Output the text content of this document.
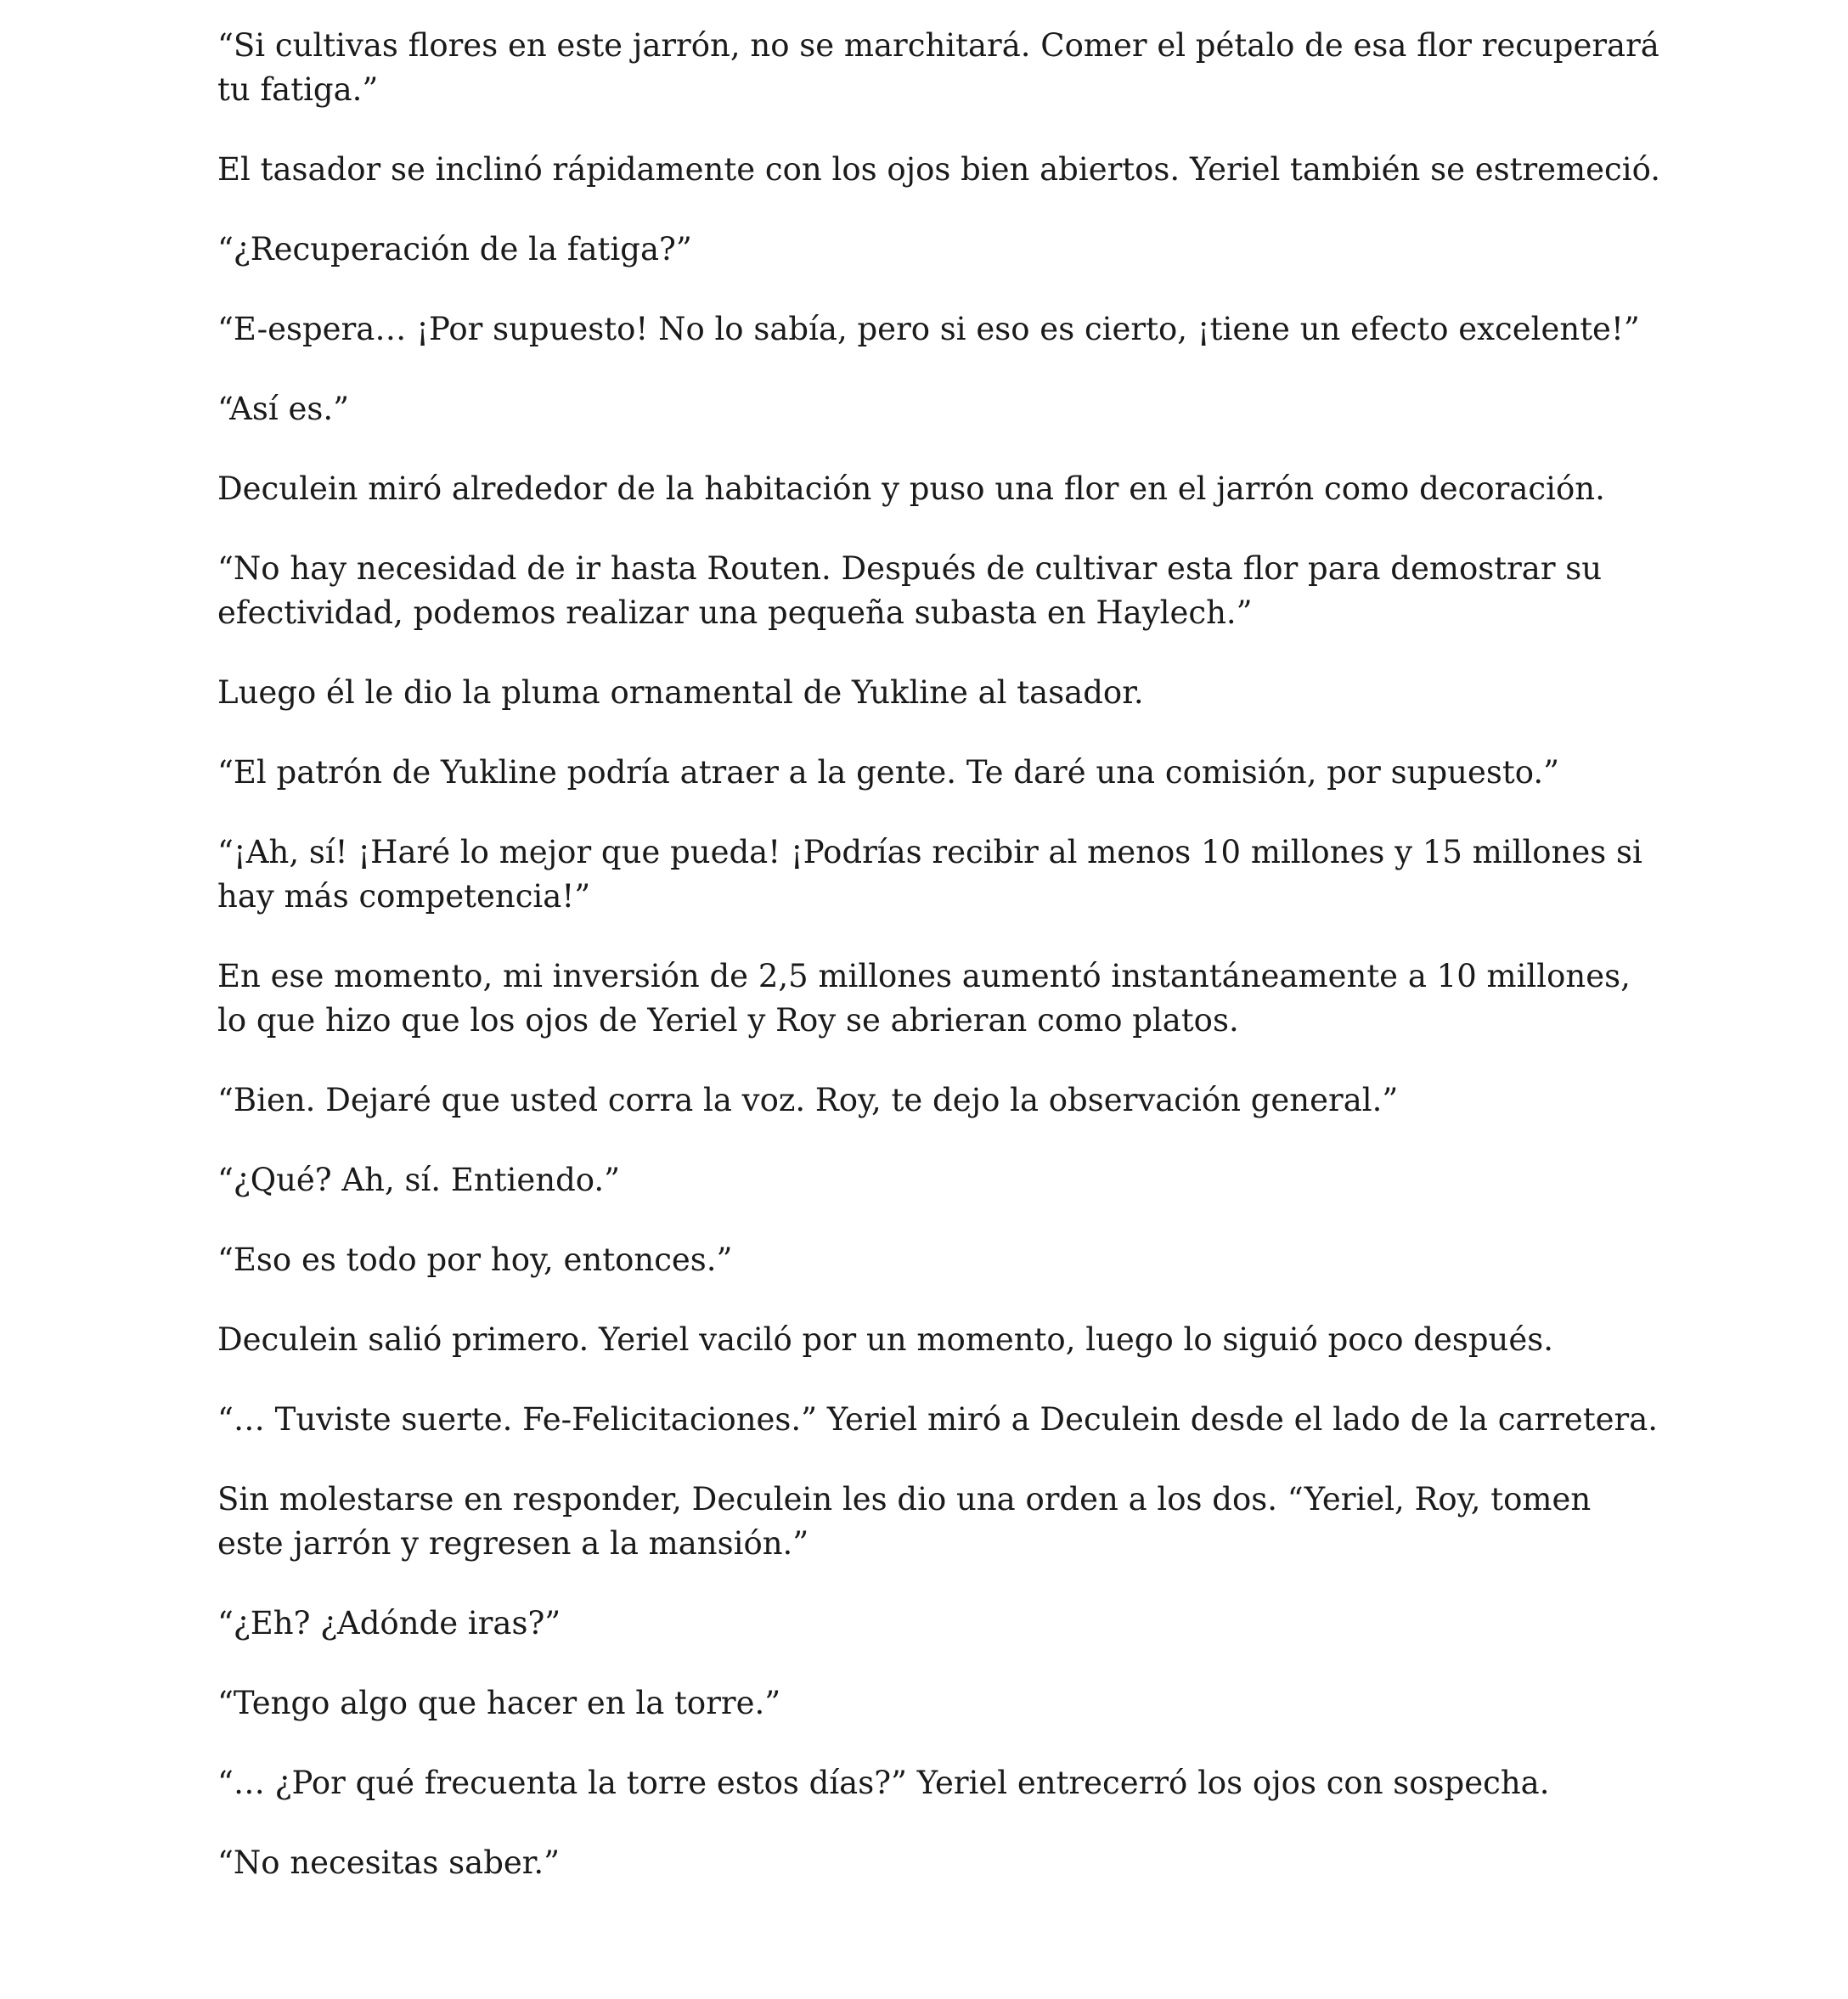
“Si cultivas flores en este jarrón, no se marchitará. Comer el pétalo de esa flor recuperará tu fatiga.”

El tasador se inclinó rápidamente con los ojos bien abiertos. Yeriel también se estremeció.

“¿Recuperación de la fatiga?”

“E-espera… ¡Por supuesto! No lo sabía, pero si eso es cierto, ¡tiene un efecto excelente!”

“Así es.”

Deculein miró alrededor de la habitación y puso una flor en el jarrón como decoración.

“No hay necesidad de ir hasta Routen. Después de cultivar esta flor para demostrar su efectividad, podemos realizar una pequeña subasta en Haylech.”

Luego él le dio la pluma ornamental de Yukline al tasador.

“El patrón de Yukline podría atraer a la gente. Te daré una comisión, por supuesto.”

“¡Ah, sí! ¡Haré lo mejor que pueda! ¡Podrías recibir al menos 10 millones y 15 millones si hay más competencia!”

En ese momento, mi inversión de 2,5 millones aumentó instantáneamente a 10 millones, lo que hizo que los ojos de Yeriel y Roy se abrieran como platos.

“Bien. Dejaré que usted corra la voz. Roy, te dejo la observación general.”

“¿Qué? Ah, sí. Entiendo.”

“Eso es todo por hoy, entonces.”

Deculein salió primero. Yeriel vaciló por un momento, luego lo siguió poco después.

“… Tuviste suerte. Fe-Felicitaciones.” Yeriel miró a Deculein desde el lado de la carretera.

Sin molestarse en responder, Deculein les dio una orden a los dos. “Yeriel, Roy, tomen este jarrón y regresen a la mansión.”

“¿Eh? ¿Adónde iras?”

“Tengo algo que hacer en la torre.”

“… ¿Por qué frecuenta la torre estos días?” Yeriel entrecerró los ojos con sospecha.

“No necesitas saber.”
